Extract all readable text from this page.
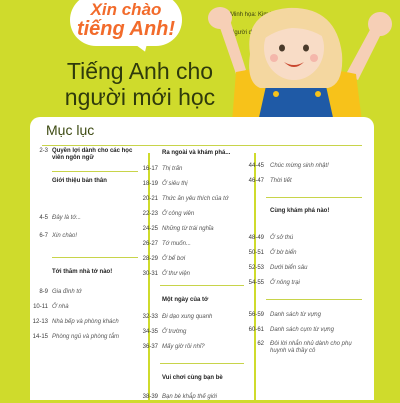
Xin chào
tiếng Anh!
Minh họa: Kim
Người
Tiếng Anh cho
người mới học
Mục lục
2-3 Quyền lợi dành cho các học viên ngôn ngữ
Giới thiệu bản thân
4-5 Đây là tớ...
6-7 Xin chào!
Tới thăm nhà tớ nào!
8-9 Gia đình tớ
10-11 Ở nhà
12-13 Nhà bếp và phòng khách
14-15 Phòng ngủ và phòng tắm
Ra ngoài và khám phá...
16-17 Thị trấn
18-19 Ở siêu thị
20-21 Thức ăn yêu thích của tớ
22-23 Ở công viên
24-25 Những từ trái nghĩa
26-27 Tớ muốn...
28-29 Ở bể bơi
30-31 Ở thư viện
Một ngày của tớ
32-33 Đi dạo xung quanh
34-35 Ở trường
36-37 Mấy giờ rồi nhỉ?
Vui chơi cùng bạn bè
38-39 Bạn bè khắp thế giới
44-45 Chúc mừng sinh nhật!
46-47 Thời tiết
Cùng khám phá nào!
48-49 Ở sở thú
50-51 Ở bờ biển
52-53 Dưới biển sâu
54-55 Ở nông trại
56-59 Danh sách từ vựng
60-61 Danh sách cụm từ vựng
62 Đôi lời nhắn nhủ dành cho phụ huynh và thầy cô
